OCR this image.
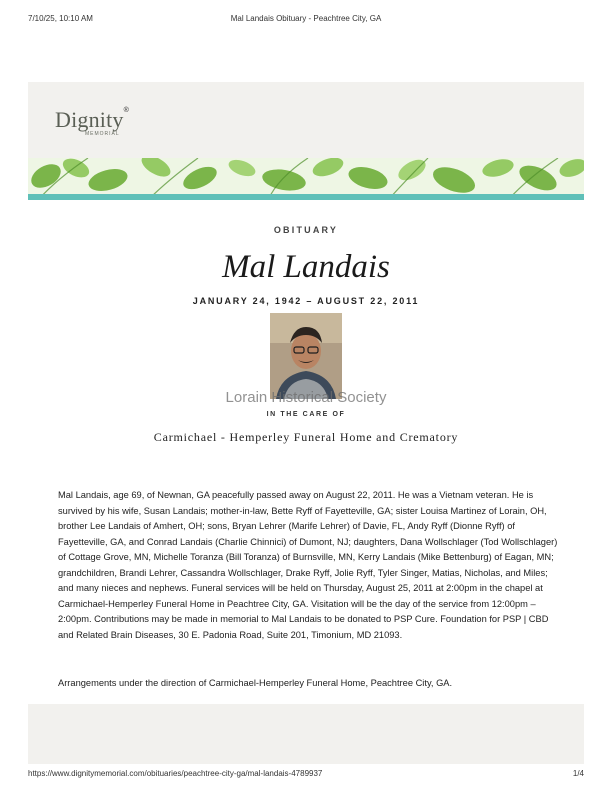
7/10/25, 10:10 AM	Mal Landais Obituary - Peachtree City, GA
Dignity®
MEMORIAL
OBITUARY
Mal Landais
JANUARY 24, 1942 – AUGUST 22, 2011
Lorain Historical Society
IN THE CARE OF
Carmichael - Hemperley Funeral Home and Crematory
Mal Landais, age 69, of Newnan, GA peacefully passed away on August 22, 2011. He was a Vietnam veteran. He is survived by his wife, Susan Landais; mother-in-law, Bette Ryff of Fayetteville, GA; sister Louisa Martinez of Lorain, OH, brother Lee Landais of Amhert, OH; sons, Bryan Lehrer (Marife Lehrer) of Davie, FL, Andy Ryff (Dionne Ryff) of Fayetteville, GA, and Conrad Landais (Charlie Chinnici) of Dumont, NJ; daughters, Dana Wollschlager (Tod Wollschlager) of Cottage Grove, MN, Michelle Toranza (Bill Toranza) of Burnsville, MN, Kerry Landais (Mike Bettenburg) of Eagan, MN; grandchildren, Brandi Lehrer, Cassandra Wollschlager, Drake Ryff, Jolie Ryff, Tyler Singer, Matias, Nicholas, and Miles; and many nieces and nephews. Funeral services will be held on Thursday, August 25, 2011 at 2:00pm in the chapel at Carmichael-Hemperley Funeral Home in Peachtree City, GA. Visitation will be the day of the service from 12:00pm – 2:00pm. Contributions may be made in memorial to Mal Landais to be donated to PSP Cure. Foundation for PSP | CBD and Related Brain Diseases, 30 E. Padonia Road, Suite 201, Timonium, MD 21093.
Arrangements under the direction of Carmichael-Hemperley Funeral Home, Peachtree City, GA.
https://www.dignitymemorial.com/obituaries/peachtree-city-ga/mal-landais-4789937	1/4
